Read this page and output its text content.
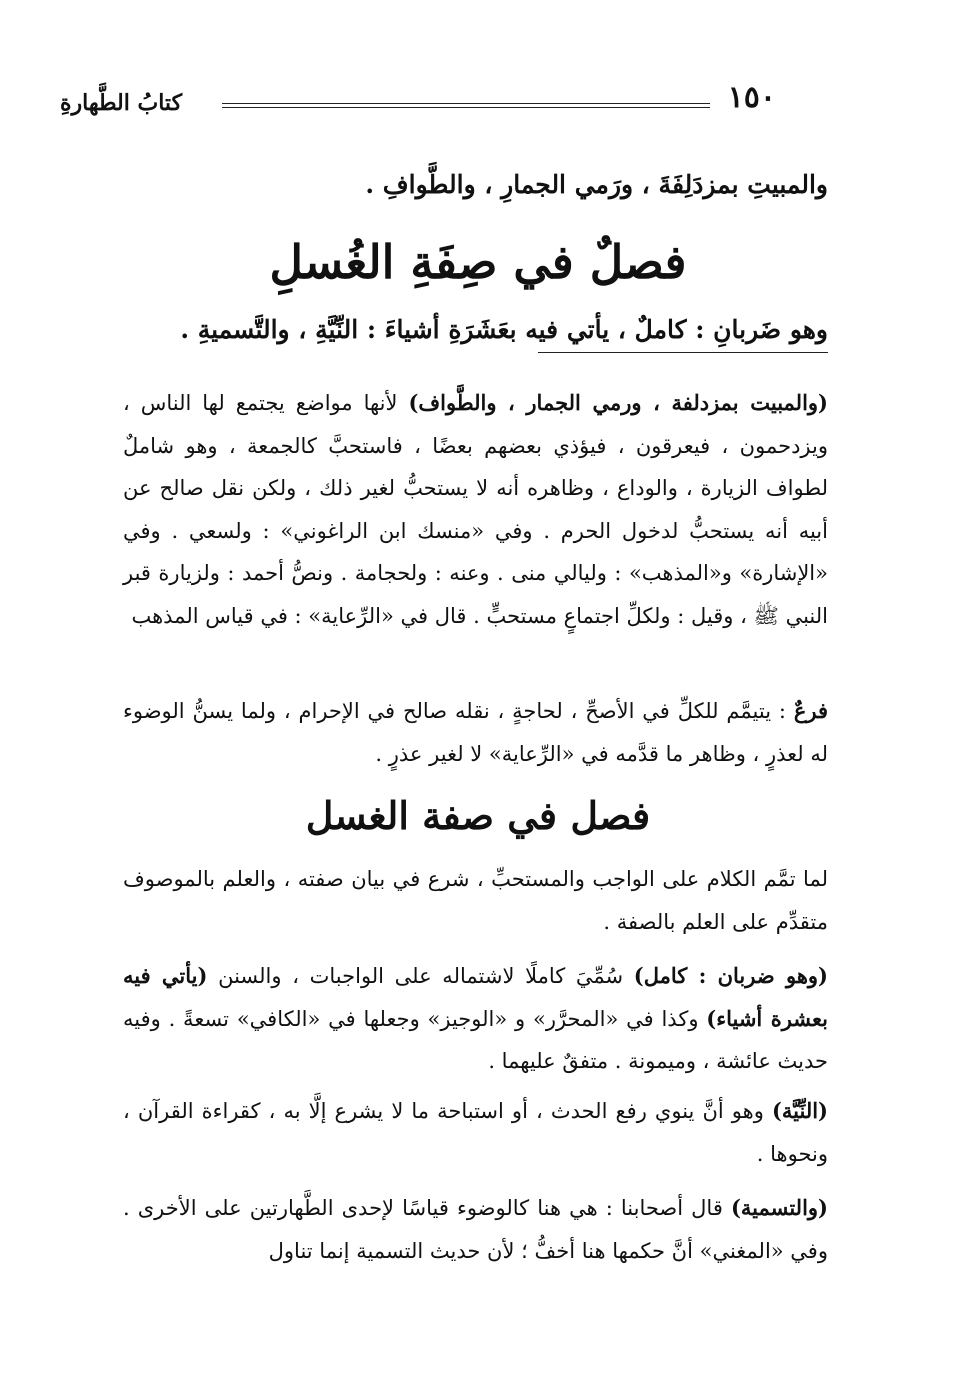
١٥٠
كتابُ الطَّهارةِ
والمبيتِ بمزدَلِفَةَ ، ورَمي الجمارِ ، والطَّوافِ .
فصلٌ في صِفَةِ الغُسلِ
وهو ضَربانِ : كاملٌ ، يأتي فيه بعَشَرَةِ أشياءَ : النِّيَّةِ ، والتَّسميةِ .
(والمبيت بمزدلفة ، ورمي الجمار ، والطَّواف) لأنها مواضع يجتمع لها الناس ، ويزدحمون ، فيعرقون ، فيؤذي بعضهم بعضًا ، فاستحبَّ كالجمعة ، وهو شاملٌ لطواف الزيارة ، والوداع ، وظاهره أنه لا يستحبُّ لغير ذلك ، ولكن نقل صالح عن أبيه أنه يستحبُّ لدخول الحرم . وفي «منسك ابن الراغوني» : ولسعي . وفي «الإشارة» و«المذهب» : وليالي منى . وعنه : ولحجامة . ونصُّ أحمد : ولزيارة قبر النبي ﷺ ، وقيل : ولكلِّ اجتماعٍ مستحبٍّ . قال في «الرِّعاية» : في قياس المذهب
فرعٌ : يتيمَّم للكلِّ في الأصحِّ ، لحاجةٍ ، نقله صالح في الإحرام ، ولما يسنُّ الوضوء له لعذرٍ ، وظاهر ما قدَّمه في «الرِّعاية» لا لغير عذرٍ .
فصل في صفة الغسل
لما تمَّم الكلام على الواجب والمستحبِّ ، شرع في بيان صفته ، والعلم بالموصوف متقدِّم على العلم بالصفة .
(وهو ضربان : كامل) سُمِّيَ كاملًا لاشتماله على الواجبات ، والسنن (يأتي فيه بعشرة أشياء) وكذا في «المحرَّر» و «الوجيز» وجعلها في «الكافي» تسعةً . وفيه حديث عائشة ، وميمونة . متفقٌ عليهما .
(النِّيَّة) وهو أنَّ ينوي رفع الحدث ، أو استباحة ما لا يشرع إلَّا به ، كقراءة القرآن ، ونحوها .
(والتسمية) قال أصحابنا : هي هنا كالوضوء قياسًا لإحدى الطَّهارتين على الأخرى . وفي «المغني» أنَّ حكمها هنا أخفُّ ؛ لأن حديث التسمية إنما تناول
